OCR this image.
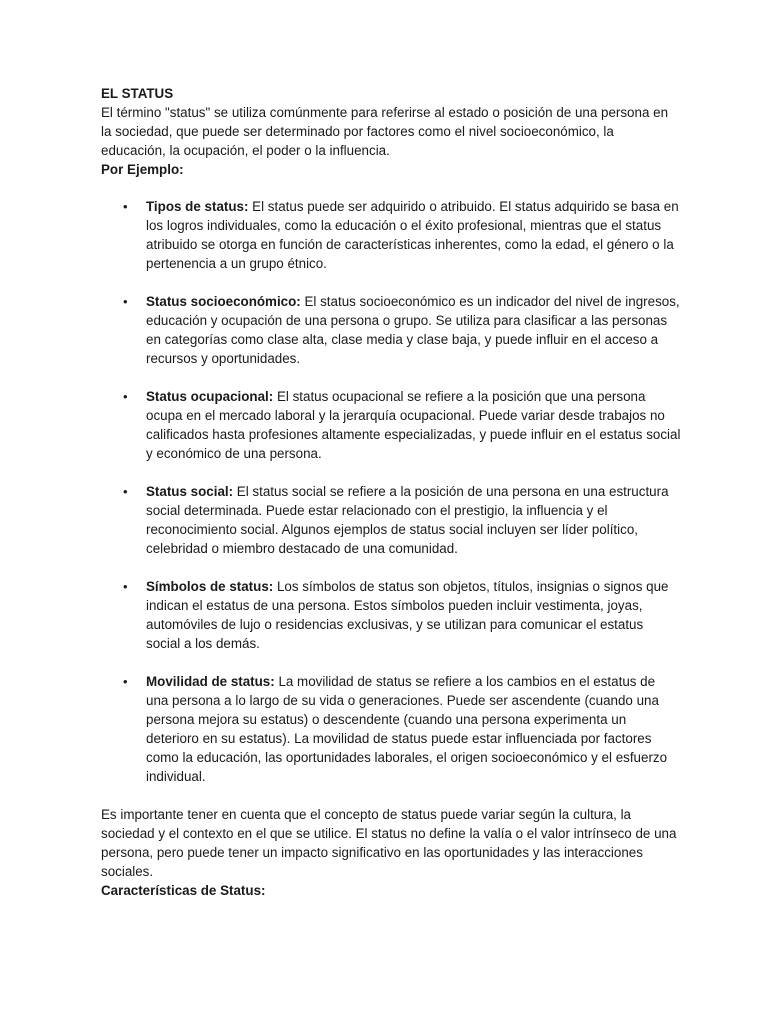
EL STATUS

El término "status" se utiliza comúnmente para referirse al estado o posición de una persona en la sociedad, que puede ser determinado por factores como el nivel socioeconómico, la educación, la ocupación, el poder o la influencia.

Por Ejemplo:
• Tipos de status: El status puede ser adquirido o atribuido. El status adquirido se basa en los logros individuales, como la educación o el éxito profesional, mientras que el status atribuido se otorga en función de características inherentes, como la edad, el género o la pertenencia a un grupo étnico.
• Status socioeconómico: El status socioeconómico es un indicador del nivel de ingresos, educación y ocupación de una persona o grupo. Se utiliza para clasificar a las personas en categorías como clase alta, clase media y clase baja, y puede influir en el acceso a recursos y oportunidades.
• Status ocupacional: El status ocupacional se refiere a la posición que una persona ocupa en el mercado laboral y la jerarquía ocupacional. Puede variar desde trabajos no calificados hasta profesiones altamente especializadas, y puede influir en el estatus social y económico de una persona.
• Status social: El status social se refiere a la posición de una persona en una estructura social determinada. Puede estar relacionado con el prestigio, la influencia y el reconocimiento social. Algunos ejemplos de status social incluyen ser líder político, celebridad o miembro destacado de una comunidad.
• Símbolos de status: Los símbolos de status son objetos, títulos, insignias o signos que indican el estatus de una persona. Estos símbolos pueden incluir vestimenta, joyas, automóviles de lujo o residencias exclusivas, y se utilizan para comunicar el estatus social a los demás.
• Movilidad de status: La movilidad de status se refiere a los cambios en el estatus de una persona a lo largo de su vida o generaciones. Puede ser ascendente (cuando una persona mejora su estatus) o descendente (cuando una persona experimenta un deterioro en su estatus). La movilidad de status puede estar influenciada por factores como la educación, las oportunidades laborales, el origen socioeconómico y el esfuerzo individual.

Es importante tener en cuenta que el concepto de status puede variar según la cultura, la sociedad y el contexto en el que se utilice. El status no define la valía o el valor intrínseco de una persona, pero puede tener un impacto significativo en las oportunidades y las interacciones sociales.

Características de Status:
